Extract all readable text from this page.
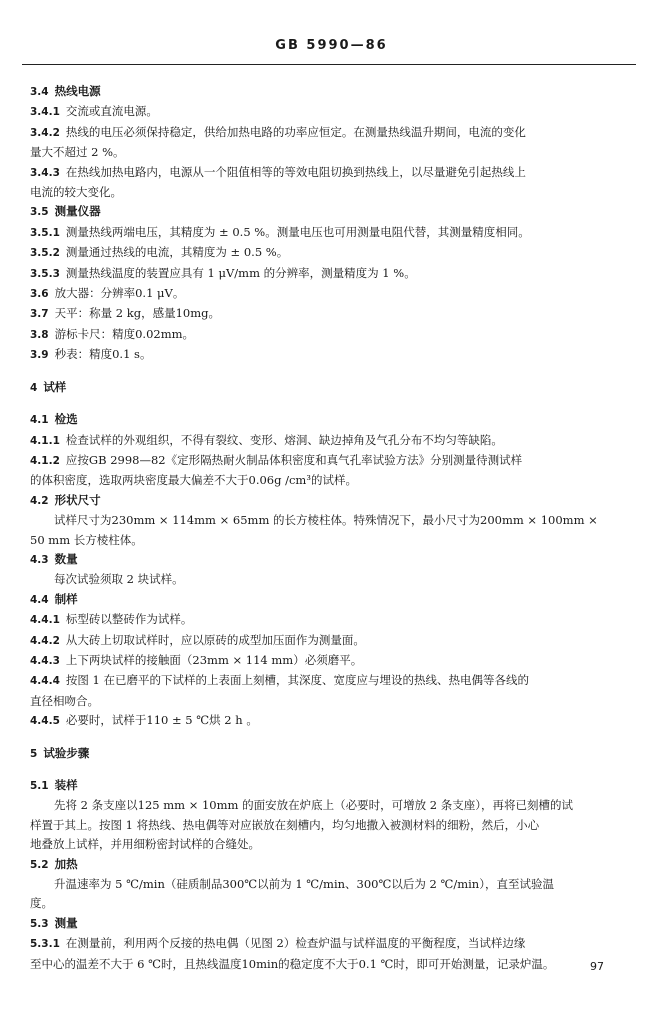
GB 5990—86

3.4 热线电源

3.4.1 交流或直流电源。

3.4.2 热线的电压必须保持稳定，供给加热电路的功率应恒定。在测量热线温升期间，电流的变化

量大不超过 2 %。

3.4.3 在热线加热电路内，电源从一个阻值相等的等效电阻切换到热线上，以尽量避免引起热线上

电流的较大变化。

3.5 测量仪器

3.5.1 测量热线两端电压，其精度为 ± 0.5 %。测量电压也可用测量电阻代替，其测量精度相同。

3.5.2 测量通过热线的电流，其精度为 ± 0.5 %。

3.5.3 测量热线温度的装置应具有 1 μV/mm 的分辨率，测量精度为 1 %。

3.6 放大器：分辨率0.1 μV。

3.7 天平：称量 2 kg，感量10mg。

3.8 游标卡尺：精度0.02mm。

3.9 秒表：精度0.1 s。

4 试样

4.1 检选

4.1.1 检查试样的外观组织，不得有裂纹、变形、熔洞、缺边掉角及气孔分布不均匀等缺陷。

4.1.2 应按GB 2998—82《定形隔热耐火制品体积密度和真气孔率试验方法》分别测量待测试样

的体积密度，选取两块密度最大偏差不大于0.06g /cm³的试样。

4.2 形状尺寸

试样尺寸为230mm × 114mm × 65mm 的长方棱柱体。特殊情况下，最小尺寸为200mm × 100mm ×

50 mm 长方棱柱体。

4.3 数量

每次试验须取 2 块试样。

4.4 制样

4.4.1 标型砖以整砖作为试样。

4.4.2 从大砖上切取试样时，应以原砖的成型加压面作为测量面。

4.4.3 上下两块试样的接触面（23mm × 114 mm）必须磨平。

4.4.4 按图 1 在已磨平的下试样的上表面上刻槽，其深度、宽度应与埋设的热线、热电偶等各线的

直径相吻合。

4.4.5 必要时，试样于110 ± 5 ℃烘 2 h 。

5 试验步骤

5.1 装样

先将 2 条支座以125 mm × 10mm 的面安放在炉底上（必要时，可增放 2 条支座），再将已刻槽的试

样置于其上。按图 1 将热线、热电偶等对应嵌放在刻槽内，均匀地撒入被测材料的细粉，然后，小心

地叠放上试样，并用细粉密封试样的合缝处。

5.2 加热

升温速率为 5 ℃/min（硅质制品300℃以前为 1 ℃/min、300℃以后为 2 ℃/min），直至试验温

度。

5.3 测量

5.3.1 在测量前，利用两个反接的热电偶（见图 2）检查炉温与试样温度的平衡程度，当试样边缘

至中心的温差不大于 6 ℃时，且热线温度10min的稳定度不大于0.1 ℃时，即可开始测量，记录炉温。	97
